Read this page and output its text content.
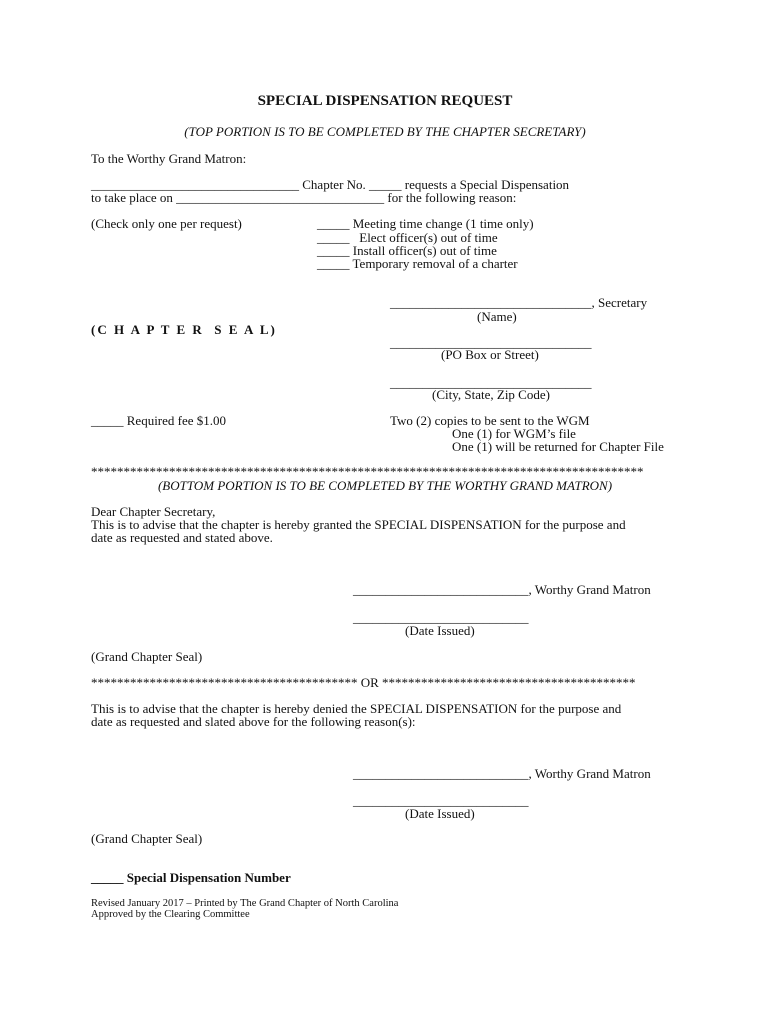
SPECIAL DISPENSATION REQUEST
(TOP PORTION IS TO BE COMPLETED BY THE CHAPTER SECRETARY)
To the Worthy Grand Matron:
________________________________ Chapter No. _____ requests a Special Dispensation
to take place on ________________________________ for the following reason:
(Check only one per request)	_____ Meeting time change (1 time only)
_____   Elect officer(s) out of time
_____ Install officer(s) out of time
_____ Temporary removal of a charter
_______________________________, Secretary
(Name)
(C H A P T E R  S E A L)
_______________________________
(PO Box or Street)
_______________________________
(City, State, Zip Code)
_____ Required fee $1.00	Two (2) copies to be sent to the WGM
One (1) for WGM’s file
One (1) will be returned for Chapter File
*************************************************************************************
(BOTTOM PORTION IS TO BE COMPLETED BY THE WORTHY GRAND MATRON)
Dear Chapter Secretary,
This is to advise that the chapter is hereby granted the SPECIAL DISPENSATION for the purpose and
date as requested and stated above.
___________________________, Worthy Grand Matron
___________________________
(Date Issued)
(Grand Chapter Seal)
***************************************** OR ***************************************
This is to advise that the chapter is hereby denied the SPECIAL DISPENSATION for the purpose and
date as requested and slated above for the following reason(s):
___________________________, Worthy Grand Matron
___________________________
(Date Issued)
(Grand Chapter Seal)
_____ Special Dispensation Number
Revised January 2017 – Printed by The Grand Chapter of North Carolina
Approved by the Clearing Committee
